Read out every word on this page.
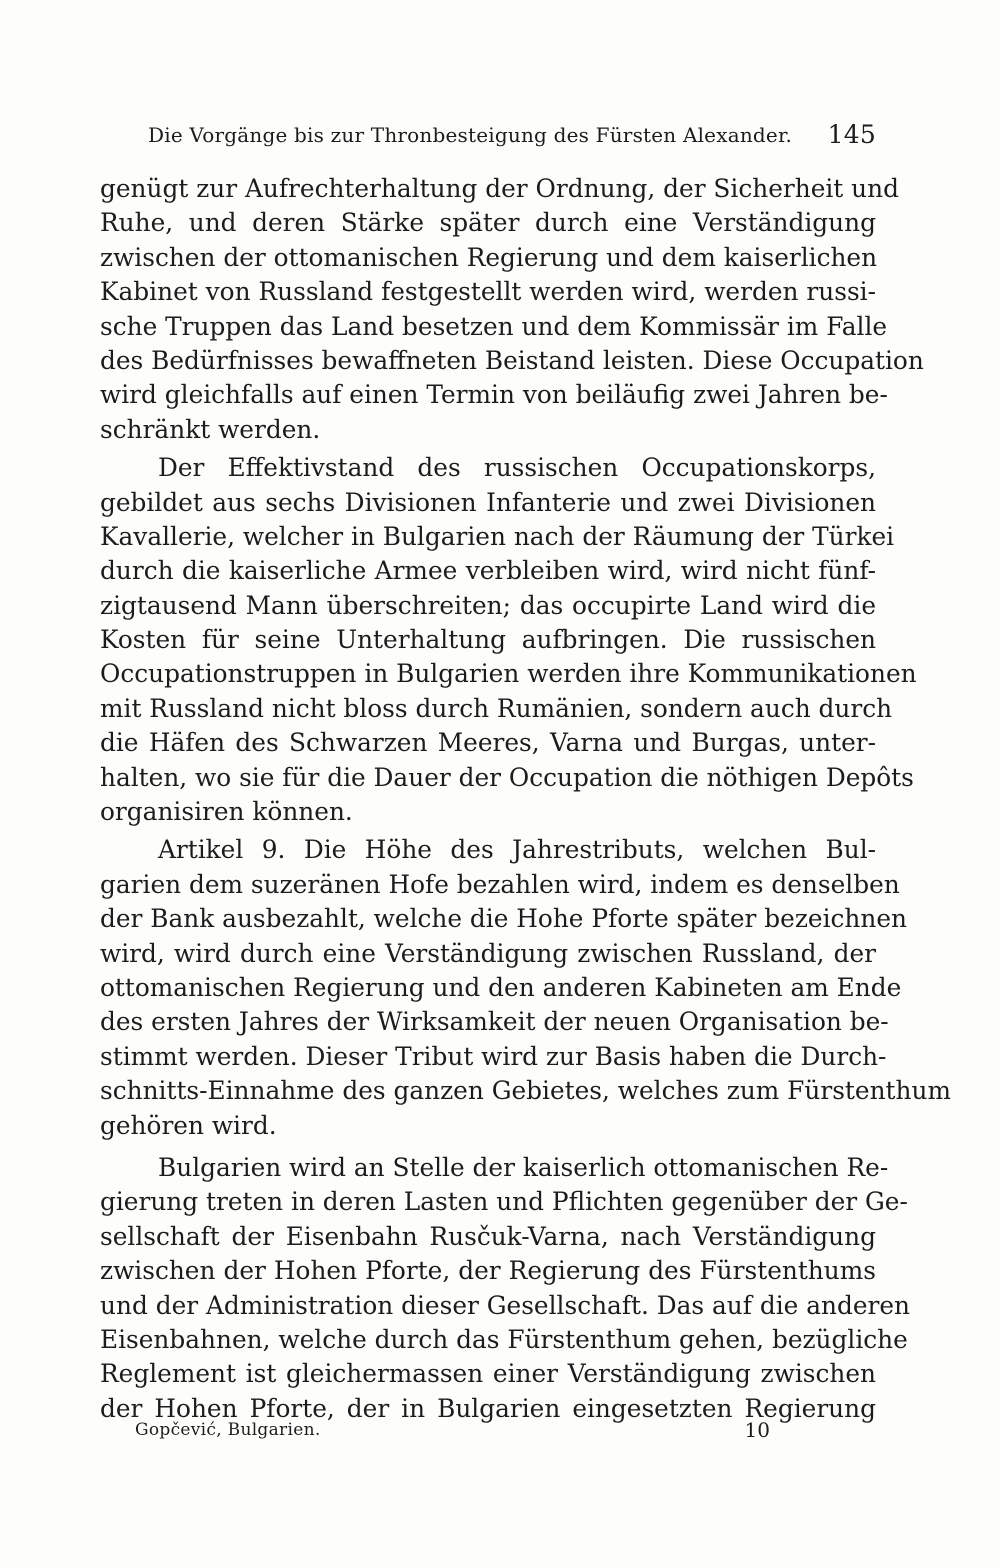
Die Vorgänge bis zur Thronbesteigung des Fürsten Alexander. 145
genügt zur Aufrechterhaltung der Ordnung, der Sicherheit und
Ruhe, und deren Stärke später durch eine Verständigung
zwischen der ottomanischen Regierung und dem kaiserlichen
Kabinet von Russland festgestellt werden wird, werden russi-
sche Truppen das Land besetzen und dem Kommissär im Falle
des Bedürfnisses bewaffneten Beistand leisten. Diese Occupation
wird gleichfalls auf einen Termin von beiläufig zwei Jahren be-
schränkt werden.
Der Effektivstand des russischen Occupationskorps,
gebildet aus sechs Divisionen Infanterie und zwei Divisionen
Kavallerie, welcher in Bulgarien nach der Räumung der Türkei
durch die kaiserliche Armee verbleiben wird, wird nicht fünf-
zigtausend Mann überschreiten; das occupirte Land wird die
Kosten für seine Unterhaltung aufbringen. Die russischen
Occupationstruppen in Bulgarien werden ihre Kommunikationen
mit Russland nicht bloss durch Rumänien, sondern auch durch
die Häfen des Schwarzen Meeres, Varna und Burgas, unter-
halten, wo sie für die Dauer der Occupation die nöthigen Depôts
organisiren können.
Artikel 9. Die Höhe des Jahrestributs, welchen Bul-
garien dem suzeränen Hofe bezahlen wird, indem es denselben
der Bank ausbezahlt, welche die Hohe Pforte später bezeichnen
wird, wird durch eine Verständigung zwischen Russland, der
ottomanischen Regierung und den anderen Kabineten am Ende
des ersten Jahres der Wirksamkeit der neuen Organisation be-
stimmt werden. Dieser Tribut wird zur Basis haben die Durch-
schnitts-Einnahme des ganzen Gebietes, welches zum Fürstenthum
gehören wird.
Bulgarien wird an Stelle der kaiserlich ottomanischen Re-
gierung treten in deren Lasten und Pflichten gegenüber der Ge-
sellschaft der Eisenbahn Rusčuk-Varna, nach Verständigung
zwischen der Hohen Pforte, der Regierung des Fürstenthums
und der Administration dieser Gesellschaft. Das auf die anderen
Eisenbahnen, welche durch das Fürstenthum gehen, bezügliche
Reglement ist gleichermassen einer Verständigung zwischen
der Hohen Pforte, der in Bulgarien eingesetzten Regierung
Gopčević, Bulgarien.	10
